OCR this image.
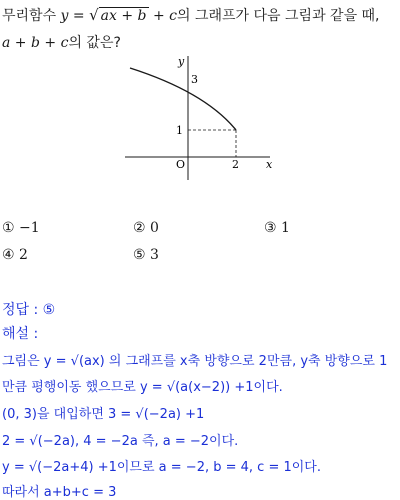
무리함수 y = √ ax + b + c의 그래프가 다음 그림과 같을 때,
a + b + c의 값은?
y
x
O
3
1
2
① −1	② 0	③ 1
④ 2	⑤ 3
정답 : ⑤
해설 :
그림은 y = √(ax) 의 그래프를 x축 방향으로 2만큼, y축 방향으로 1
만큼 평행이동 했으므로 y = √(a(x−2)) +1이다.
(0, 3)을 대입하면 3 = √(−2a) +1
2 = √(−2a), 4 = −2a 즉, a = −2이다.
y = √(−2a+4) +1이므로 a = −2, b = 4, c = 1이다.
따라서 a+b+c = 3
